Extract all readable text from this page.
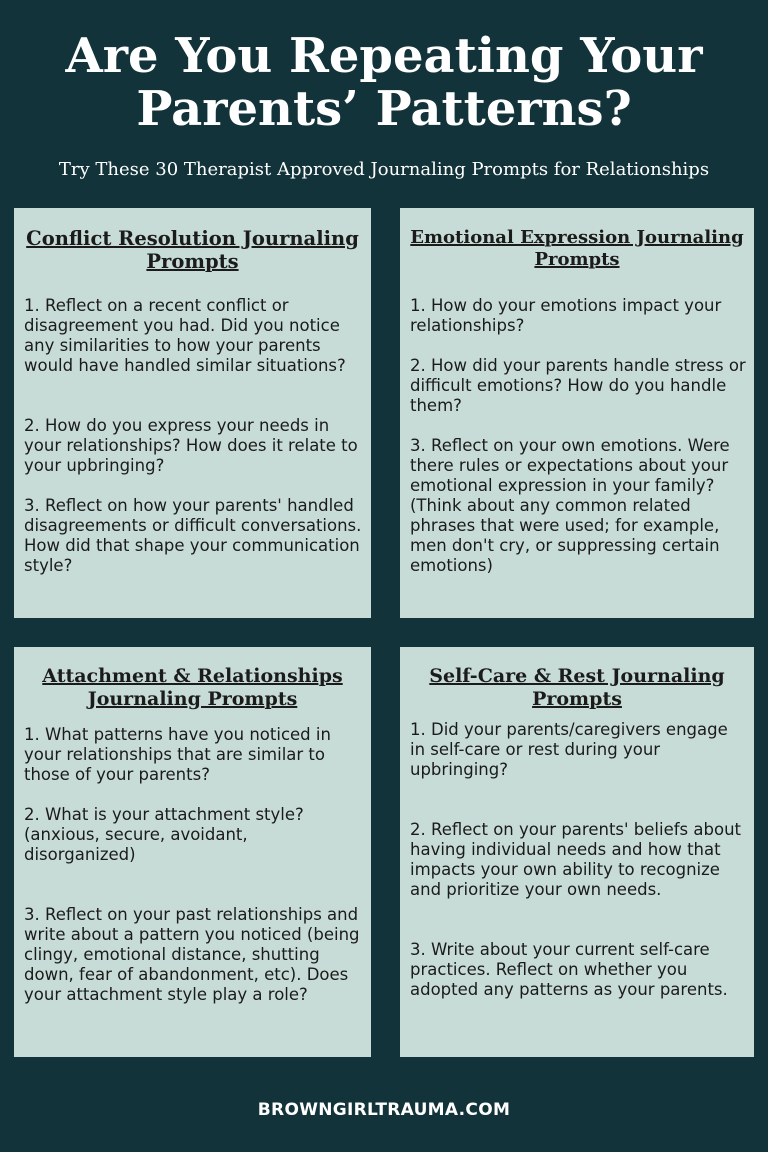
Are You Repeating Your
Parents’ Patterns?

Try These 30 Therapist Approved Journaling Prompts for Relationships

Conflict Resolution Journaling
Prompts

1. Reflect on a recent conflict or disagreement you had. Did you notice any similarities to how your parents would have handled similar situations?

2. How do you express your needs in your relationships? How does it relate to your upbringing?

3. Reflect on how your parents' handled disagreements or difficult conversations. How did that shape your communication style?

Emotional Expression Journaling
Prompts

1. How do your emotions impact your relationships?

2. How did your parents handle stress or difficult emotions? How do you handle them?

3. Reflect on your own emotions. Were there rules or expectations about your emotional expression in your family? (Think about any common related phrases that were used; for example, men don't cry, or suppressing certain emotions)

Attachment & Relationships
Journaling Prompts

1. What patterns have you noticed in your relationships that are similar to those of your parents?

2. What is your attachment style? (anxious, secure, avoidant, disorganized)

3. Reflect on your past relationships and write about a pattern you noticed (being clingy, emotional distance, shutting down, fear of abandonment, etc). Does your attachment style play a role?

Self-Care & Rest Journaling
Prompts

1. Did your parents/caregivers engage in self-care or rest during your upbringing?

2. Reflect on your parents' beliefs about having individual needs and how that impacts your own ability to recognize and prioritize your own needs.

3. Write about your current self-care practices. Reflect on whether you adopted any patterns as your parents.

BROWNGIRLTRAUMA.COM
